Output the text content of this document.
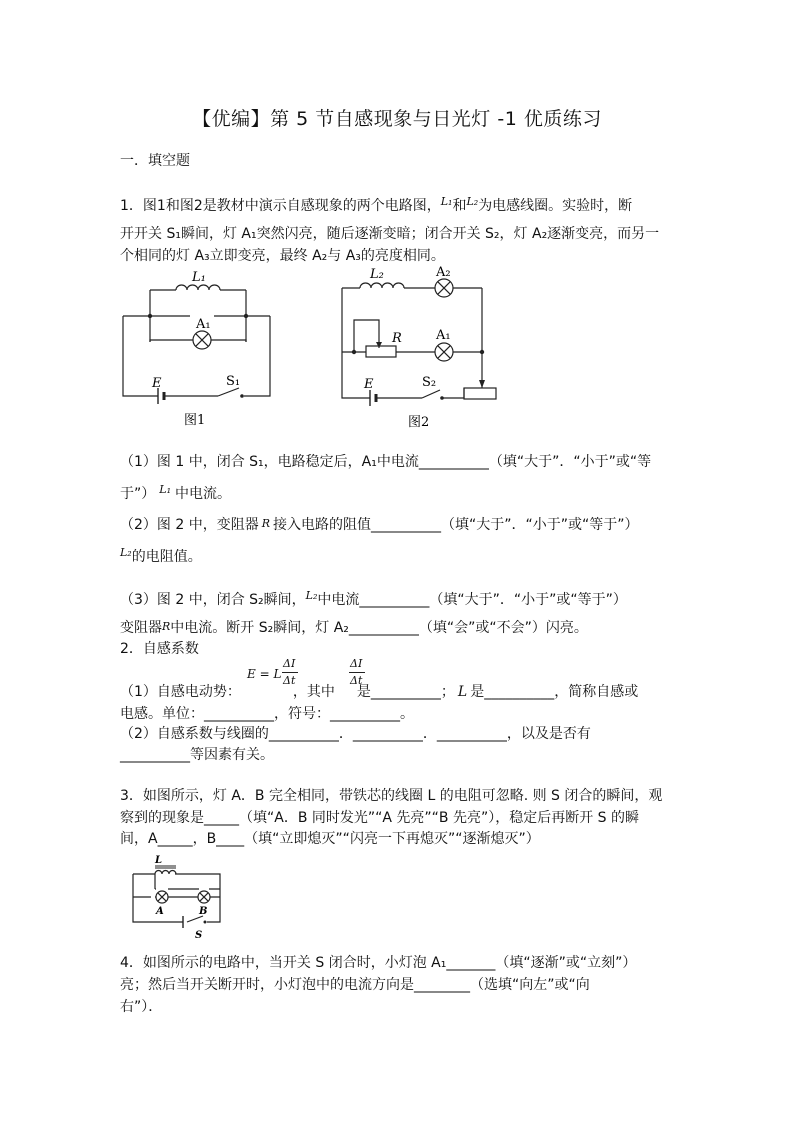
【优编】第 5 节自感现象与日光灯 -1 优质练习
一．填空题
1．图1和图2是教材中演示自感现象的两个电路图，$^{L_1}$和$^{L_2}$为电感线圈。实验时，断
开开关 S₁瞬间，灯 A₁突然闪亮，随后逐渐变暗；闭合开关 S₂，灯 A₂逐渐变亮，而另一
个相同的灯 A₃立即变亮，最终 A₂与 A₃的亮度相同。
L₁
A₁
E	S₁
图1
L₂	A₂
A₁
R
E	S₂
图2
（1）图 1 中，闭合 S₁，电路稳定后，A₁中电流__________（填“大于”．“小于”或“等
于”） $^{L_1}$ 中电流。
（2）图 2 中，变阻器 R 接入电路的阻值__________（填“大于”．“小于”或“等于”）
$^{L_2}$的电阻值。
（3）图 2 中，闭合 S₂瞬间，$^{L_2}$中电流__________（填“大于”．“小于”或“等于”）
变阻器R中电流。断开 S₂瞬间，灯 A₂__________（填“会”或“不会”）闪亮。
2．自感系数
E = L
ΔI
Δt
ΔI
Δt
（1）自感电动势：	，其中 是__________； L 是__________，简称自感或
电感。单位：__________，符号：__________。
（2）自感系数与线圈的__________．__________．__________，以及是否有
__________等因素有关。
3．如图所示，灯 A．B 完全相同，带铁芯的线圈 L 的电阻可忽略. 则 S 闭合的瞬间，观
察到的现象是_____（填“A．B 同时发光”“A 先亮”“B 先亮”），稳定后再断开 S 的瞬
间，A_____，B____（填“立即熄灭”“闪亮一下再熄灭”“逐渐熄灭”）
L
A	B
S
4．如图所示的电路中，当开关 S 闭合时，小灯泡 A₁_______（填“逐渐”或“立刻”）
亮；然后当开关断开时，小灯泡中的电流方向是________（选填“向左”或“向
右”）．
